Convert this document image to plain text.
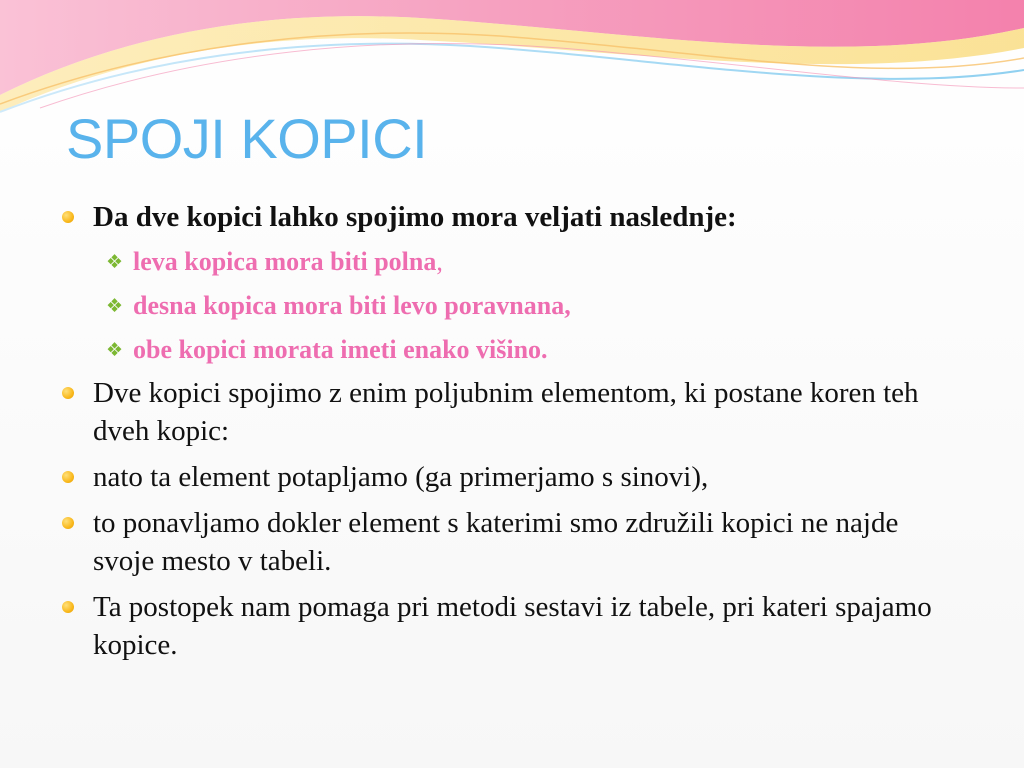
SPOJI KOPICI
Da dve kopici lahko spojimo mora veljati naslednje:
❖ leva kopica mora biti polna,
❖ desna kopica mora biti levo poravnana,
❖ obe kopici morata imeti enako višino.
Dve kopici spojimo z enim poljubnim elementom, ki postane koren teh dveh kopic:
nato ta element potapljamo (ga primerjamo s sinovi),
to ponavljamo dokler element s katerimi smo združili kopici ne najde svoje mesto v tabeli.
Ta postopek nam pomaga pri metodi sestavi iz tabele, pri kateri spajamo kopice.
